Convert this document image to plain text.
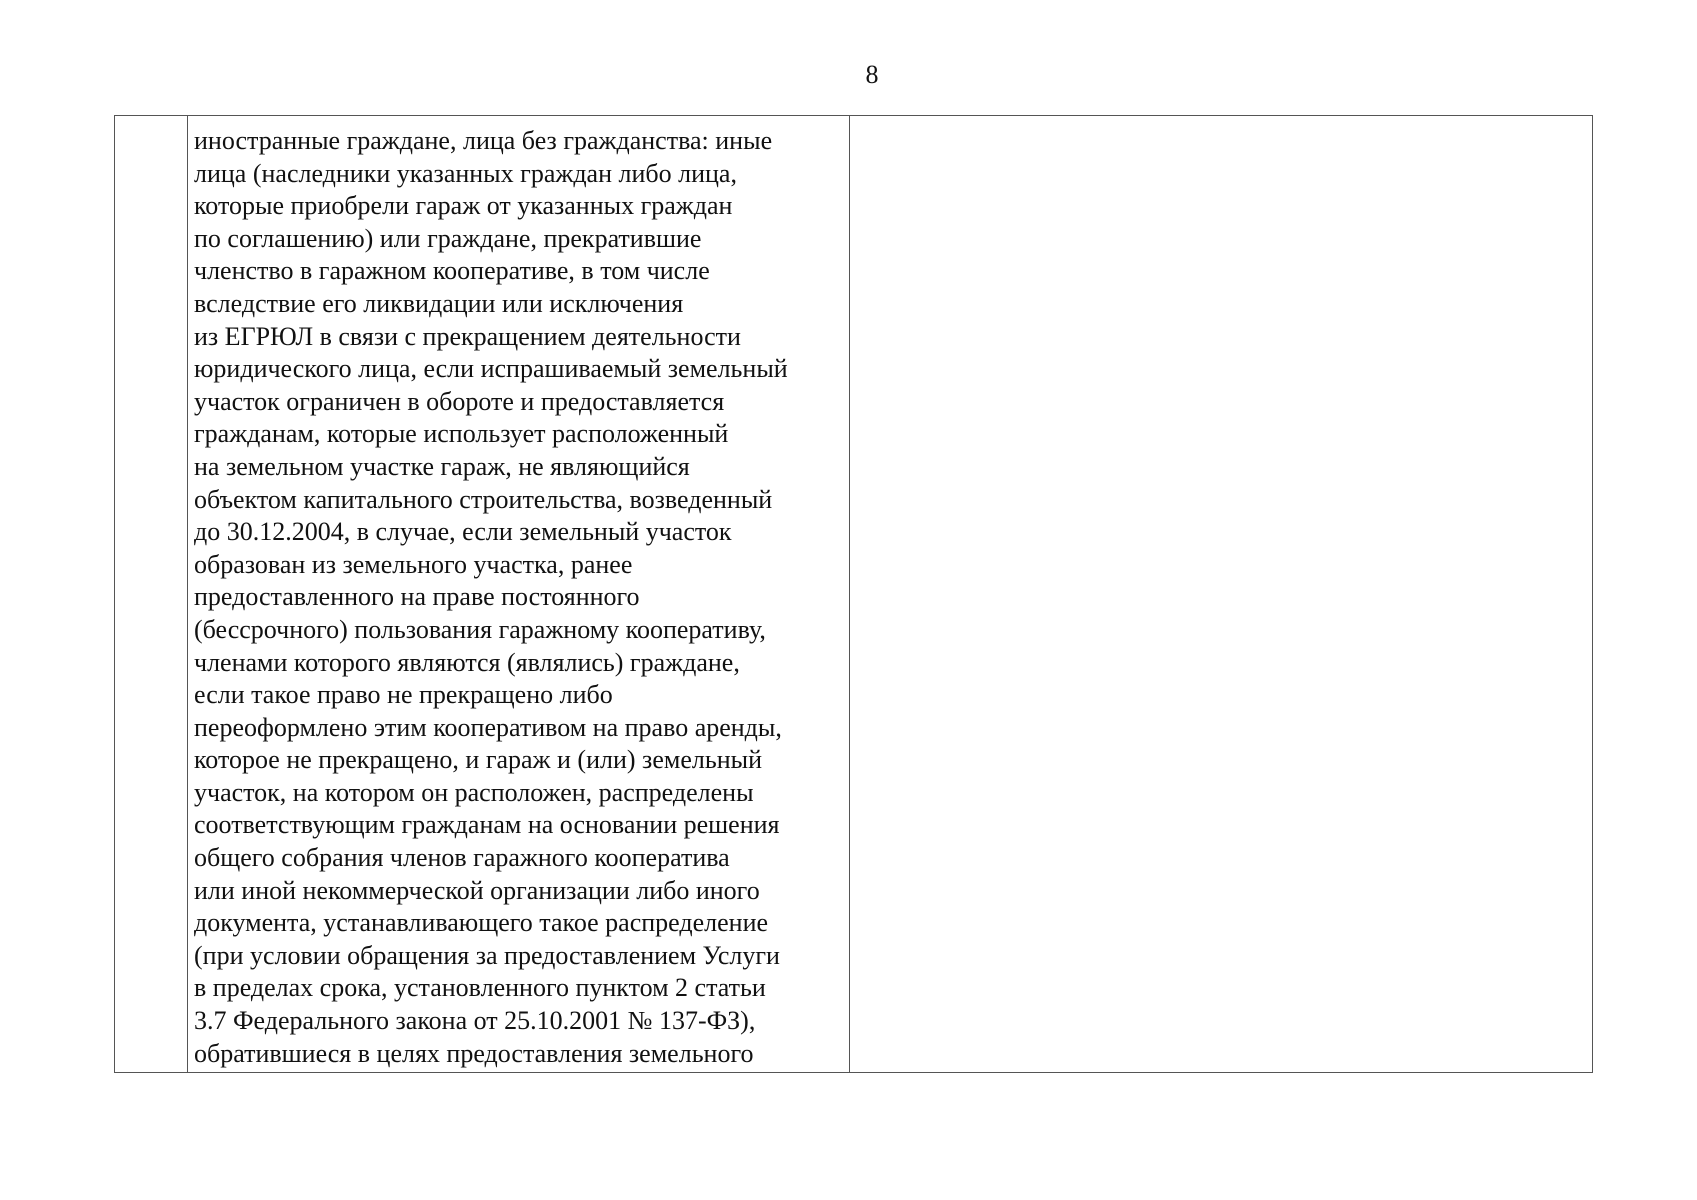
8

иностранные граждане, лица без гражданства: иные
лица (наследники указанных граждан либо лица,
которые приобрели гараж от указанных граждан
по соглашению) или граждане, прекратившие
членство в гаражном кооперативе, в том числе
вследствие его ликвидации или исключения
из ЕГРЮЛ в связи с прекращением деятельности
юридического лица, если испрашиваемый земельный
участок ограничен в обороте и предоставляется
гражданам, которые использует расположенный
на земельном участке гараж, не являющийся
объектом капитального строительства, возведенный
до 30.12.2004, в случае, если земельный участок
образован из земельного участка, ранее
предоставленного на праве постоянного
(бессрочного) пользования гаражному кооперативу,
членами которого являются (являлись) граждане,
если такое право не прекращено либо
переоформлено этим кооперативом на право аренды,
которое не прекращено, и гараж и (или) земельный
участок, на котором он расположен, распределены
соответствующим гражданам на основании решения
общего собрания членов гаражного кооператива
или иной некоммерческой организации либо иного
документа, устанавливающего такое распределение
(при условии обращения за предоставлением Услуги
в пределах срока, установленного пунктом 2 статьи
3.7 Федерального закона от 25.10.2001 № 137-ФЗ),
обратившиеся в целях предоставления земельного
